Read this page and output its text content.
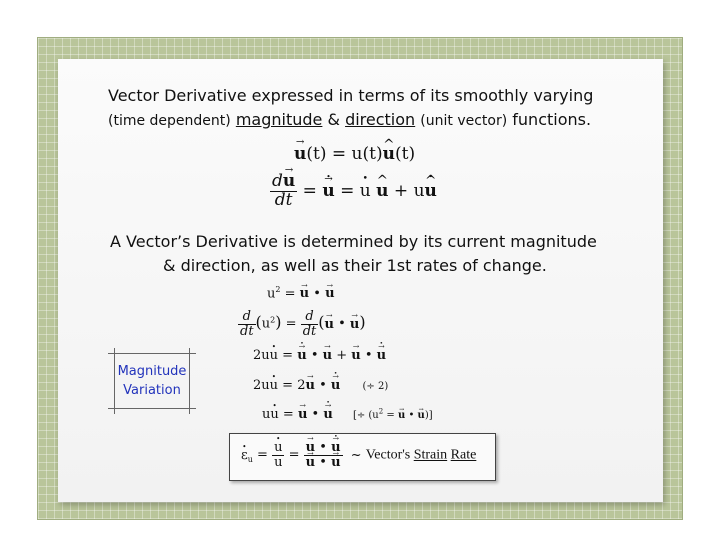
Vector Derivative expressed in terms of its smoothly varying
(time dependent) magnitude & direction (unit vector) functions.
→ u(t) = u(t)^ u(t)
$\frac{d\to u}{dt}$ = → u • = u • ^ u + u^ u •
A Vector’s Derivative is determined by its current magnitude
& direction, as well as their 1st rates of change.
$u^2$ = → u • → u
$\frac{d}{dt} (u^2) = \frac{d}{dt}$ (→ u • → u)
2uu • = → u • • → u + → u • → u •
Magnitude
Variation	2uu • = 2→ u • → u • (÷ 2)
uu • = → u • → u • [÷ ($u^2$ = → u • → u)]
ε $•_u = \frac{u •}{u}$ = → u • → u •
→ u • → u ~ Vector's Strain Rate
